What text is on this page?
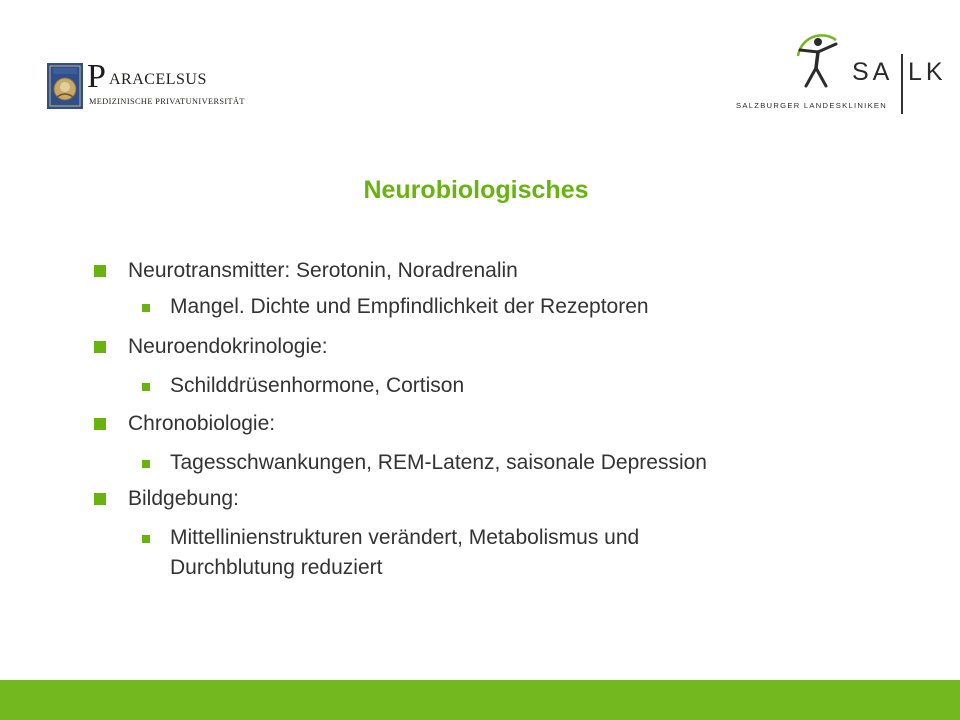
P ARACELSUS
MEDIZINISCHE PRIVATUNIVERSITÄT
SA LK
SALZBURGER LANDESKLINIKEN
Neurobiologisches
Neurotransmitter: Serotonin, Noradrenalin
Mangel. Dichte und Empfindlichkeit der Rezeptoren
Neuroendokrinologie:
Schilddrüsenhormone, Cortison
Chronobiologie:
Tagesschwankungen, REM-Latenz, saisonale Depression
Bildgebung:
Mittellinienstrukturen verändert, Metabolismus und
Durchblutung reduziert
